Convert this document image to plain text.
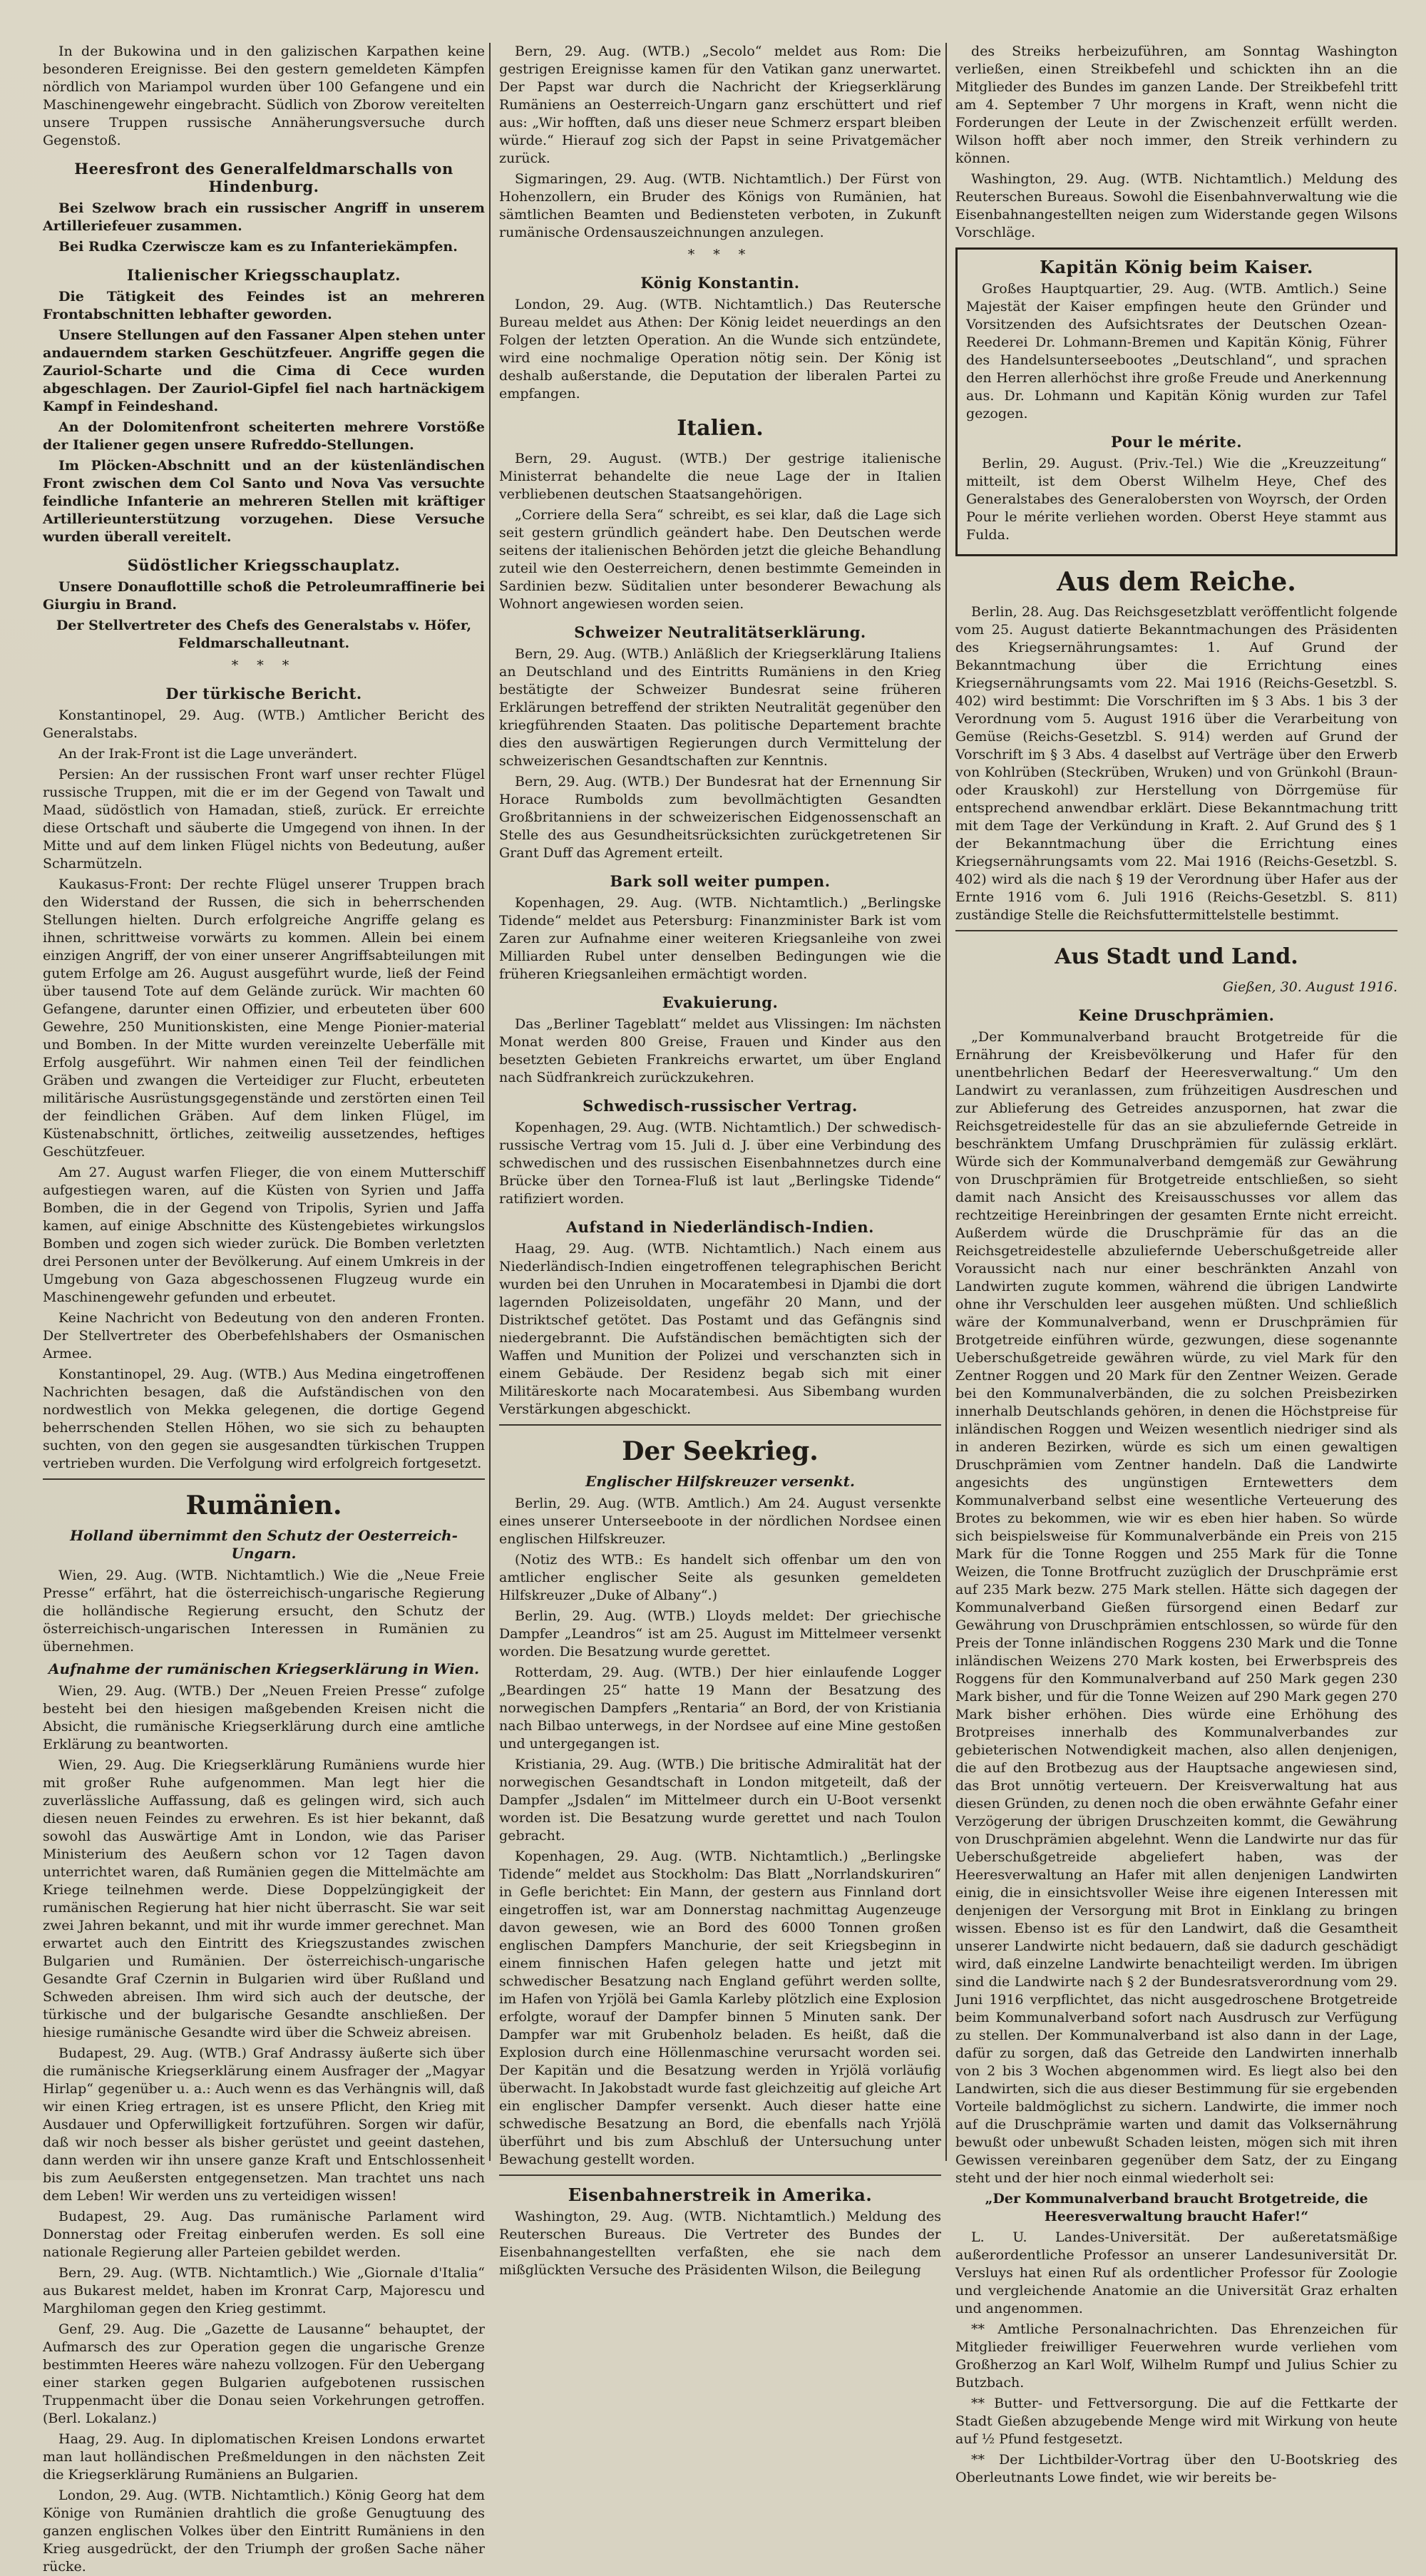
In der Bukowina und in den galizischen Karpathen keine besonderen Ereignisse. Bei den gestern gemeldeten Kämpfen nördlich von Mariampol wurden über 100 Gefangene und ein Maschinengewehr eingebracht. Südlich von Zborow vereitelten unsere Truppen russische Annäherungsversuche durch Gegenstoß.

Heeresfront des Generalfeldmarschalls von Hindenburg.

Bei Szelwow brach ein russischer Angriff in unserem Artilleriefeuer zusammen.

Bei Rudka Czerwiscze kam es zu Infanteriekämpfen.

Italienischer Kriegsschauplatz.

Die Tätigkeit des Feindes ist an mehreren Frontabschnitten lebhafter geworden.

Unsere Stellungen auf den Fassaner Alpen stehen unter andauerndem starken Geschützfeuer. Angriffe gegen die Zauriol-Scharte und die Cima di Cece wurden abgeschlagen. Der Zauriol-Gipfel fiel nach hartnäckigem Kampf in Feindeshand.

An der Dolomitenfront scheiterten mehrere Vorstöße der Italiener gegen unsere Rufreddo-Stellungen.

Im Plöcken-Abschnitt und an der küstenländischen Front zwischen dem Col Santo und Nova Vas versuchte feindliche Infanterie an mehreren Stellen mit kräftiger Artillerieunterstützung vorzugehen. Diese Versuche wurden überall vereitelt.

Südöstlicher Kriegsschauplatz.

Unsere Donauflottille schoß die Petroleumraffinerie bei Giurgiu in Brand.

Der Stellvertreter des Chefs des Generalstabs v. Höfer, Feldmarschalleutnant.

* * *
Der türkische Bericht.

Konstantinopel, 29. Aug. (WTB.) Amtlicher Bericht des Generalstabs.

An der Irak-Front ist die Lage unverändert.

Persien: An der russischen Front warf unser rechter Flügel russische Truppen, mit die er im der Gegend von Tawalt und Maad, südöstlich von Hamadan, stieß, zurück. Er erreichte diese Ortschaft und säuberte die Umgegend von ihnen. In der Mitte und auf dem linken Flügel nichts von Bedeutung, außer Scharmützeln.

Kaukasus-Front: Der rechte Flügel unserer Truppen brach den Widerstand der Russen, die sich in beherrschenden Stellungen hielten. Durch erfolgreiche Angriffe gelang es ihnen, schrittweise vorwärts zu kommen. Allein bei einem einzigen Angriff, der von einer unserer Angriffsabteilungen mit gutem Erfolge am 26. August ausgeführt wurde, ließ der Feind über tausend Tote auf dem Gelände zurück. Wir machten 60 Gefangene, darunter einen Offizier, und erbeuteten über 600 Gewehre, 250 Munitionskisten, eine Menge Pionier-material und Bomben. In der Mitte wurden vereinzelte Ueberfälle mit Erfolg ausgeführt. Wir nahmen einen Teil der feindlichen Gräben und zwangen die Verteidiger zur Flucht, erbeuteten militärische Ausrüstungsgegenstände und zerstörten einen Teil der feindlichen Gräben. Auf dem linken Flügel, im Küstenabschnitt, örtliches, zeitweilig aussetzendes, heftiges Geschützfeuer.

Am 27. August warfen Flieger, die von einem Mutterschiff aufgestiegen waren, auf die Küsten von Syrien und Jaffa Bomben, die in der Gegend von Tripolis, Syrien und Jaffa kamen, auf einige Abschnitte des Küstengebietes wirkungslos Bomben und zogen sich wieder zurück. Die Bomben verletzten drei Personen unter der Bevölkerung. Auf einem Umkreis in der Umgebung von Gaza abgeschossenen Flugzeug wurde ein Maschinengewehr gefunden und erbeutet.

Keine Nachricht von Bedeutung von den anderen Fronten. Der Stellvertreter des Oberbefehlshabers der Osmanischen Armee.

Konstantinopel, 29. Aug. (WTB.) Aus Medina eingetroffenen Nachrichten besagen, daß die Aufständischen von den nordwestlich von Mekka gelegenen, die dortige Gegend beherrschenden Stellen Höhen, wo sie sich zu behaupten suchten, von den gegen sie ausgesandten türkischen Truppen vertrieben wurden. Die Verfolgung wird erfolgreich fortgesetzt.

Rumänien.
Holland übernimmt den Schutz der Oesterreich-Ungarn.

Wien, 29. Aug. (WTB. Nichtamtlich.) Wie die „Neue Freie Presse“ erfährt, hat die österreichisch-ungarische Regierung die holländische Regierung ersucht, den Schutz der österreichisch-ungarischen Interessen in Rumänien zu übernehmen.

Aufnahme der rumänischen Kriegserklärung in Wien.

Wien, 29. Aug. (WTB.) Der „Neuen Freien Presse“ zufolge besteht bei den hiesigen maßgebenden Kreisen nicht die Absicht, die rumänische Kriegserklärung durch eine amtliche Erklärung zu beantworten.

Wien, 29. Aug. Die Kriegserklärung Rumäniens wurde hier mit großer Ruhe aufgenommen. Man legt hier die zuverlässliche Auffassung, daß es gelingen wird, sich auch diesen neuen Feindes zu erwehren. Es ist hier bekannt, daß sowohl das Auswärtige Amt in London, wie das Pariser Ministerium des Aeußern schon vor 12 Tagen davon unterrichtet waren, daß Rumänien gegen die Mittelmächte am Kriege teilnehmen werde. Diese Doppelzüngigkeit der rumänischen Regierung hat hier nicht überrascht. Sie war seit zwei Jahren bekannt, und mit ihr wurde immer gerechnet. Man erwartet auch den Eintritt des Kriegszustandes zwischen Bulgarien und Rumänien. Der österreichisch-ungarische Gesandte Graf Czernin in Bulgarien wird über Rußland und Schweden abreisen. Ihm wird sich auch der deutsche, der türkische und der bulgarische Gesandte anschließen. Der hiesige rumänische Gesandte wird über die Schweiz abreisen.

Budapest, 29. Aug. (WTB.) Graf Andrassy äußerte sich über die rumänische Kriegserklärung einem Ausfrager der „Magyar Hirlap“ gegenüber u. a.: Auch wenn es das Verhängnis will, daß wir einen Krieg ertragen, ist es unsere Pflicht, den Krieg mit Ausdauer und Opferwilligkeit fortzuführen. Sorgen wir dafür, daß wir noch besser als bisher gerüstet und geeint dastehen, dann werden wir ihn unsere ganze Kraft und Entschlossenheit bis zum Aeußersten entgegensetzen. Man trachtet uns nach dem Leben! Wir werden uns zu verteidigen wissen!

Budapest, 29. Aug. Das rumänische Parlament wird Donnerstag oder Freitag einberufen werden. Es soll eine nationale Regierung aller Parteien gebildet werden.

Bern, 29. Aug. (WTB. Nichtamtlich.) Wie „Giornale d'Italia“ aus Bukarest meldet, haben im Kronrat Carp, Majorescu und Marghiloman gegen den Krieg gestimmt.

Genf, 29. Aug. Die „Gazette de Lausanne“ behauptet, der Aufmarsch des zur Operation gegen die ungarische Grenze bestimmten Heeres wäre nahezu vollzogen. Für den Uebergang einer starken gegen Bulgarien aufgebotenen russischen Truppenmacht über die Donau seien Vorkehrungen getroffen. (Berl. Lokalanz.)

Haag, 29. Aug. In diplomatischen Kreisen Londons erwartet man laut holländischen Preßmeldungen in den nächsten Zeit die Kriegserklärung Rumäniens an Bulgarien.

London, 29. Aug. (WTB. Nichtamtlich.) König Georg hat dem Könige von Rumänien drahtlich die große Genugtuung des ganzen englischen Volkes über den Eintritt Rumäniens in den Krieg ausgedrückt, der den Triumph der großen Sache näher rücke.

Bern, 29. Aug. (WTB.) „Secolo“ meldet aus Rom: Die gestrigen Ereignisse kamen für den Vatikan ganz unerwartet. Der Papst war durch die Nachricht der Kriegserklärung Rumäniens an Oesterreich-Ungarn ganz erschüttert und rief aus: „Wir hofften, daß uns dieser neue Schmerz erspart bleiben würde.“ Hierauf zog sich der Papst in seine Privatgemächer zurück.

Sigmaringen, 29. Aug. (WTB. Nichtamtlich.) Der Fürst von Hohenzollern, ein Bruder des Königs von Rumänien, hat sämtlichen Beamten und Bediensteten verboten, in Zukunft rumänische Ordensauszeichnungen anzulegen.

* * *
König Konstantin.

London, 29. Aug. (WTB. Nichtamtlich.) Das Reutersche Bureau meldet aus Athen: Der König leidet neuerdings an den Folgen der letzten Operation. An die Wunde sich entzündete, wird eine nochmalige Operation nötig sein. Der König ist deshalb außerstande, die Deputation der liberalen Partei zu empfangen.

Italien.

Bern, 29. August. (WTB.) Der gestrige italienische Ministerrat behandelte die neue Lage der in Italien verbliebenen deutschen Staatsangehörigen.

„Corriere della Sera“ schreibt, es sei klar, daß die Lage sich seit gestern gründlich geändert habe. Den Deutschen werde seitens der italienischen Behörden jetzt die gleiche Behandlung zuteil wie den Oesterreichern, denen bestimmte Gemeinden in Sardinien bezw. Süditalien unter besonderer Bewachung als Wohnort angewiesen worden seien.

Schweizer Neutralitätserklärung.

Bern, 29. Aug. (WTB.) Anläßlich der Kriegserklärung Italiens an Deutschland und des Eintritts Rumäniens in den Krieg bestätigte der Schweizer Bundesrat seine früheren Erklärungen betreffend der strikten Neutralität gegenüber den kriegführenden Staaten. Das politische Departement brachte dies den auswärtigen Regierungen durch Vermittelung der schweizerischen Gesandtschaften zur Kenntnis.

Bern, 29. Aug. (WTB.) Der Bundesrat hat der Ernennung Sir Horace Rumbolds zum bevollmächtigten Gesandten Großbritanniens in der schweizerischen Eidgenossenschaft an Stelle des aus Gesundheitsrücksichten zurückgetretenen Sir Grant Duff das Agrement erteilt.

Bark soll weiter pumpen.

Kopenhagen, 29. Aug. (WTB. Nichtamtlich.) „Berlingske Tidende“ meldet aus Petersburg: Finanzminister Bark ist vom Zaren zur Aufnahme einer weiteren Kriegsanleihe von zwei Milliarden Rubel unter denselben Bedingungen wie die früheren Kriegsanleihen ermächtigt worden.

Evakuierung.

Das „Berliner Tageblatt“ meldet aus Vlissingen: Im nächsten Monat werden 800 Greise, Frauen und Kinder aus den besetzten Gebieten Frankreichs erwartet, um über England nach Südfrankreich zurückzukehren.

Schwedisch-russischer Vertrag.

Kopenhagen, 29. Aug. (WTB. Nichtamtlich.) Der schwedisch-russische Vertrag vom 15. Juli d. J. über eine Verbindung des schwedischen und des russischen Eisenbahnnetzes durch eine Brücke über den Tornea-Fluß ist laut „Berlingske Tidende“ ratifiziert worden.

Aufstand in Niederländisch-Indien.

Haag, 29. Aug. (WTB. Nichtamtlich.) Nach einem aus Niederländisch-Indien eingetroffenen telegraphischen Bericht wurden bei den Unruhen in Mocaratembesi in Djambi die dort lagernden Polizeisoldaten, ungefähr 20 Mann, und der Distriktschef getötet. Das Postamt und das Gefängnis sind niedergebrannt. Die Aufständischen bemächtigten sich der Waffen und Munition der Polizei und verschanzten sich in einem Gebäude. Der Residenz begab sich mit einer Militäreskorte nach Mocaratembesi. Aus Sibembang wurden Verstärkungen abgeschickt.

Der Seekrieg.
Englischer Hilfskreuzer versenkt.

Berlin, 29. Aug. (WTB. Amtlich.) Am 24. August versenkte eines unserer Unterseeboote in der nördlichen Nordsee einen englischen Hilfskreuzer.

(Notiz des WTB.: Es handelt sich offenbar um den von amtlicher englischer Seite als gesunken gemeldeten Hilfskreuzer „Duke of Albany“.)

Berlin, 29. Aug. (WTB.) Lloyds meldet: Der griechische Dampfer „Leandros“ ist am 25. August im Mittelmeer versenkt worden. Die Besatzung wurde gerettet.

Rotterdam, 29. Aug. (WTB.) Der hier einlaufende Logger „Beardingen 25“ hatte 19 Mann der Besatzung des norwegischen Dampfers „Rentaria“ an Bord, der von Kristiania nach Bilbao unterwegs, in der Nordsee auf eine Mine gestoßen und untergegangen ist.

Kristiania, 29. Aug. (WTB.) Die britische Admiralität hat der norwegischen Gesandtschaft in London mitgeteilt, daß der Dampfer „Jsdalen“ im Mittelmeer durch ein U-Boot versenkt worden ist. Die Besatzung wurde gerettet und nach Toulon gebracht.

Kopenhagen, 29. Aug. (WTB. Nichtamtlich.) „Berlingske Tidende“ meldet aus Stockholm: Das Blatt „Norrlandskuriren“ in Gefle berichtet: Ein Mann, der gestern aus Finnland dort eingetroffen ist, war am Donnerstag nachmittag Augenzeuge davon gewesen, wie an Bord des 6000 Tonnen großen englischen Dampfers Manchurie, der seit Kriegsbeginn in einem finnischen Hafen gelegen hatte und jetzt mit schwedischer Besatzung nach England geführt werden sollte, im Hafen von Yrjölä bei Gamla Karleby plötzlich eine Explosion erfolgte, worauf der Dampfer binnen 5 Minuten sank. Der Dampfer war mit Grubenholz beladen. Es heißt, daß die Explosion durch eine Höllenmaschine verursacht worden sei. Der Kapitän und die Besatzung werden in Yrjölä vorläufig überwacht. In Jakobstadt wurde fast gleichzeitig auf gleiche Art ein englischer Dampfer versenkt. Auch dieser hatte eine schwedische Besatzung an Bord, die ebenfalls nach Yrjölä überführt und bis zum Abschluß der Untersuchung unter Bewachung gestellt worden.

Eisenbahnerstreik in Amerika.

Washington, 29. Aug. (WTB. Nichtamtlich.) Meldung des Reuterschen Bureaus. Die Vertreter des Bundes der Eisenbahnangestellten verfaßten, ehe sie nach dem mißglückten Versuche des Präsidenten Wilson, die Beilegung

des Streiks herbeizuführen, am Sonntag Washington verließen, einen Streikbefehl und schickten ihn an die Mitglieder des Bundes im ganzen Lande. Der Streikbefehl tritt am 4. September 7 Uhr morgens in Kraft, wenn nicht die Forderungen der Leute in der Zwischenzeit erfüllt werden. Wilson hofft aber noch immer, den Streik verhindern zu können.

Washington, 29. Aug. (WTB. Nichtamtlich.) Meldung des Reuterschen Bureaus. Sowohl die Eisenbahnverwaltung wie die Eisenbahnangestellten neigen zum Widerstande gegen Wilsons Vorschläge.

Kapitän König beim Kaiser.

Großes Hauptquartier, 29. Aug. (WTB. Amtlich.) Seine Majestät der Kaiser empfingen heute den Gründer und Vorsitzenden des Aufsichtsrates der Deutschen Ozean-Reederei Dr. Lohmann-Bremen und Kapitän König, Führer des Handelsunterseebootes „Deutschland“, und sprachen den Herren allerhöchst ihre große Freude und Anerkennung aus. Dr. Lohmann und Kapitän König wurden zur Tafel gezogen.

Pour le mérite.

Berlin, 29. August. (Priv.-Tel.) Wie die „Kreuzzeitung“ mitteilt, ist dem Oberst Wilhelm Heye, Chef des Generalstabes des Generalobersten von Woyrsch, der Orden Pour le mérite verliehen worden. Oberst Heye stammt aus Fulda.

Aus dem Reiche.

Berlin, 28. Aug. Das Reichsgesetzblatt veröffentlicht folgende vom 25. August datierte Bekanntmachungen des Präsidenten des Kriegsernährungsamtes: 1. Auf Grund der Bekanntmachung über die Errichtung eines Kriegsernährungsamts vom 22. Mai 1916 (Reichs-Gesetzbl. S. 402) wird bestimmt: Die Vorschriften im § 3 Abs. 1 bis 3 der Verordnung vom 5. August 1916 über die Verarbeitung von Gemüse (Reichs-Gesetzbl. S. 914) werden auf Grund der Vorschrift im § 3 Abs. 4 daselbst auf Verträge über den Erwerb von Kohlrüben (Steckrüben, Wruken) und von Grünkohl (Braun- oder Krauskohl) zur Herstellung von Dörrgemüse für entsprechend anwendbar erklärt. Diese Bekanntmachung tritt mit dem Tage der Verkündung in Kraft. 2. Auf Grund des § 1 der Bekanntmachung über die Errichtung eines Kriegsernährungsamts vom 22. Mai 1916 (Reichs-Gesetzbl. S. 402) wird als die nach § 19 der Verordnung über Hafer aus der Ernte 1916 vom 6. Juli 1916 (Reichs-Gesetzbl. S. 811) zuständige Stelle die Reichsfuttermittelstelle bestimmt.

Aus Stadt und Land.

Gießen, 30. August 1916.

Keine Druschprämien.

„Der Kommunalverband braucht Brotgetreide für die Ernährung der Kreisbevölkerung und Hafer für den unentbehrlichen Bedarf der Heeresverwaltung.“ Um den Landwirt zu veranlassen, zum frühzeitigen Ausdreschen und zur Ablieferung des Getreides anzuspornen, hat zwar die Reichsgetreidestelle für das an sie abzuliefernde Getreide in beschränktem Umfang Druschprämien für zulässig erklärt. Würde sich der Kommunalverband demgemäß zur Gewährung von Druschprämien für Brotgetreide entschließen, so sieht damit nach Ansicht des Kreisausschusses vor allem das rechtzeitige Hereinbringen der gesamten Ernte nicht erreicht. Außerdem würde die Druschprämie für das an die Reichsgetreidestelle abzuliefernde Ueberschußgetreide aller Voraussicht nach nur einer beschränkten Anzahl von Landwirten zugute kommen, während die übrigen Landwirte ohne ihr Verschulden leer ausgehen müßten. Und schließlich wäre der Kommunalverband, wenn er Druschprämien für Brotgetreide einführen würde, gezwungen, diese sogenannte Ueberschußgetreide gewähren würde, zu viel Mark für den Zentner Roggen und 20 Mark für den Zentner Weizen. Gerade bei den Kommunalverbänden, die zu solchen Preisbezirken innerhalb Deutschlands gehören, in denen die Höchstpreise für inländischen Roggen und Weizen wesentlich niedriger sind als in anderen Bezirken, würde es sich um einen gewaltigen Druschprämien vom Zentner handeln. Daß die Landwirte angesichts des ungünstigen Erntewetters dem Kommunalverband selbst eine wesentliche Verteuerung des Brotes zu bekommen, wie wir es eben hier haben. So würde sich beispielsweise für Kommunalverbände ein Preis von 215 Mark für die Tonne Roggen und 255 Mark für die Tonne Weizen, die Tonne Brotfrucht zuzüglich der Druschprämie erst auf 235 Mark bezw. 275 Mark stellen. Hätte sich dagegen der Kommunalverband Gießen fürsorgend einen Bedarf zur Gewährung von Druschprämien entschlossen, so würde für den Preis der Tonne inländischen Roggens 230 Mark und die Tonne inländischen Weizens 270 Mark kosten, bei Erwerbspreis des Roggens für den Kommunalverband auf 250 Mark gegen 230 Mark bisher, und für die Tonne Weizen auf 290 Mark gegen 270 Mark bisher erhöhen. Dies würde eine Erhöhung des Brotpreises innerhalb des Kommunalverbandes zur gebieterischen Notwendigkeit machen, also allen denjenigen, die auf den Brotbezug aus der Hauptsache angewiesen sind, das Brot unnötig verteuern. Der Kreisverwaltung hat aus diesen Gründen, zu denen noch die oben erwähnte Gefahr einer Verzögerung der übrigen Druschzeiten kommt, die Gewährung von Druschprämien abgelehnt. Wenn die Landwirte nur das für Ueberschußgetreide abgeliefert haben, was der Heeresverwaltung an Hafer mit allen denjenigen Landwirten einig, die in einsichtsvoller Weise ihre eigenen Interessen mit denjenigen der Versorgung mit Brot in Einklang zu bringen wissen. Ebenso ist es für den Landwirt, daß die Gesamtheit unserer Landwirte nicht bedauern, daß sie dadurch geschädigt wird, daß einzelne Landwirte benachteiligt werden. Im übrigen sind die Landwirte nach § 2 der Bundesratsverordnung vom 29. Juni 1916 verpflichtet, das nicht ausgedroschene Brotgetreide beim Kommunalverband sofort nach Ausdrusch zur Verfügung zu stellen. Der Kommunalverband ist also dann in der Lage, dafür zu sorgen, daß das Getreide den Landwirten innerhalb von 2 bis 3 Wochen abgenommen wird. Es liegt also bei den Landwirten, sich die aus dieser Bestimmung für sie ergebenden Vorteile baldmöglichst zu sichern. Landwirte, die immer noch auf die Druschprämie warten und damit das Volksernährung bewußt oder unbewußt Schaden leisten, mögen sich mit ihren Gewissen vereinbaren gegenüber dem Satz, der zu Eingang steht und der hier noch einmal wiederholt sei:

„Der Kommunalverband braucht Brotgetreide, die Heeresverwaltung braucht Hafer!“

L. U. Landes-Universität. Der außeretatsmäßige außerordentliche Professor an unserer Landesuniversität Dr. Versluys hat einen Ruf als ordentlicher Professor für Zoologie und vergleichende Anatomie an die Universität Graz erhalten und angenommen.

** Amtliche Personalnachrichten. Das Ehrenzeichen für Mitglieder freiwilliger Feuerwehren wurde verliehen vom Großherzog an Karl Wolf, Wilhelm Rumpf und Julius Schier zu Butzbach.

** Butter- und Fettversorgung. Die auf die Fettkarte der Stadt Gießen abzugebende Menge wird mit Wirkung von heute auf ½ Pfund festgesetzt.

** Der Lichtbilder-Vortrag über den U-Bootskrieg des Oberleutnants Lowe findet, wie wir bereits be-
